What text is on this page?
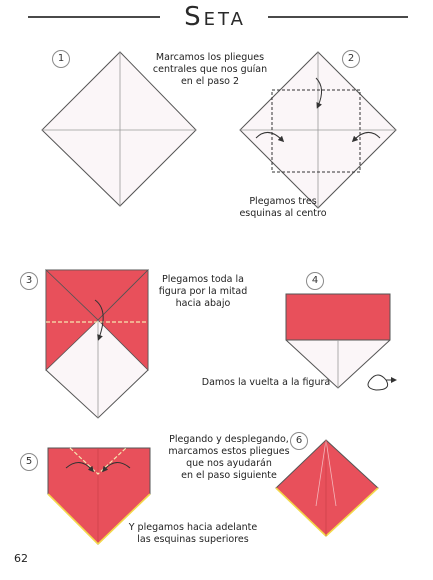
Seta
1	2
3	4
5
6
Marcamos los pliegues
centrales que nos guían
en el paso 2
Plegamos tres
esquinas al centro
Plegamos toda la
figura por la mitad
hacia abajo
Damos la vuelta a la figura
Y plegamos hacia adelante
las esquinas superiores
Plegando y desplegando,
marcamos estos pliegues
que nos ayudarán
en el paso siguiente
62
